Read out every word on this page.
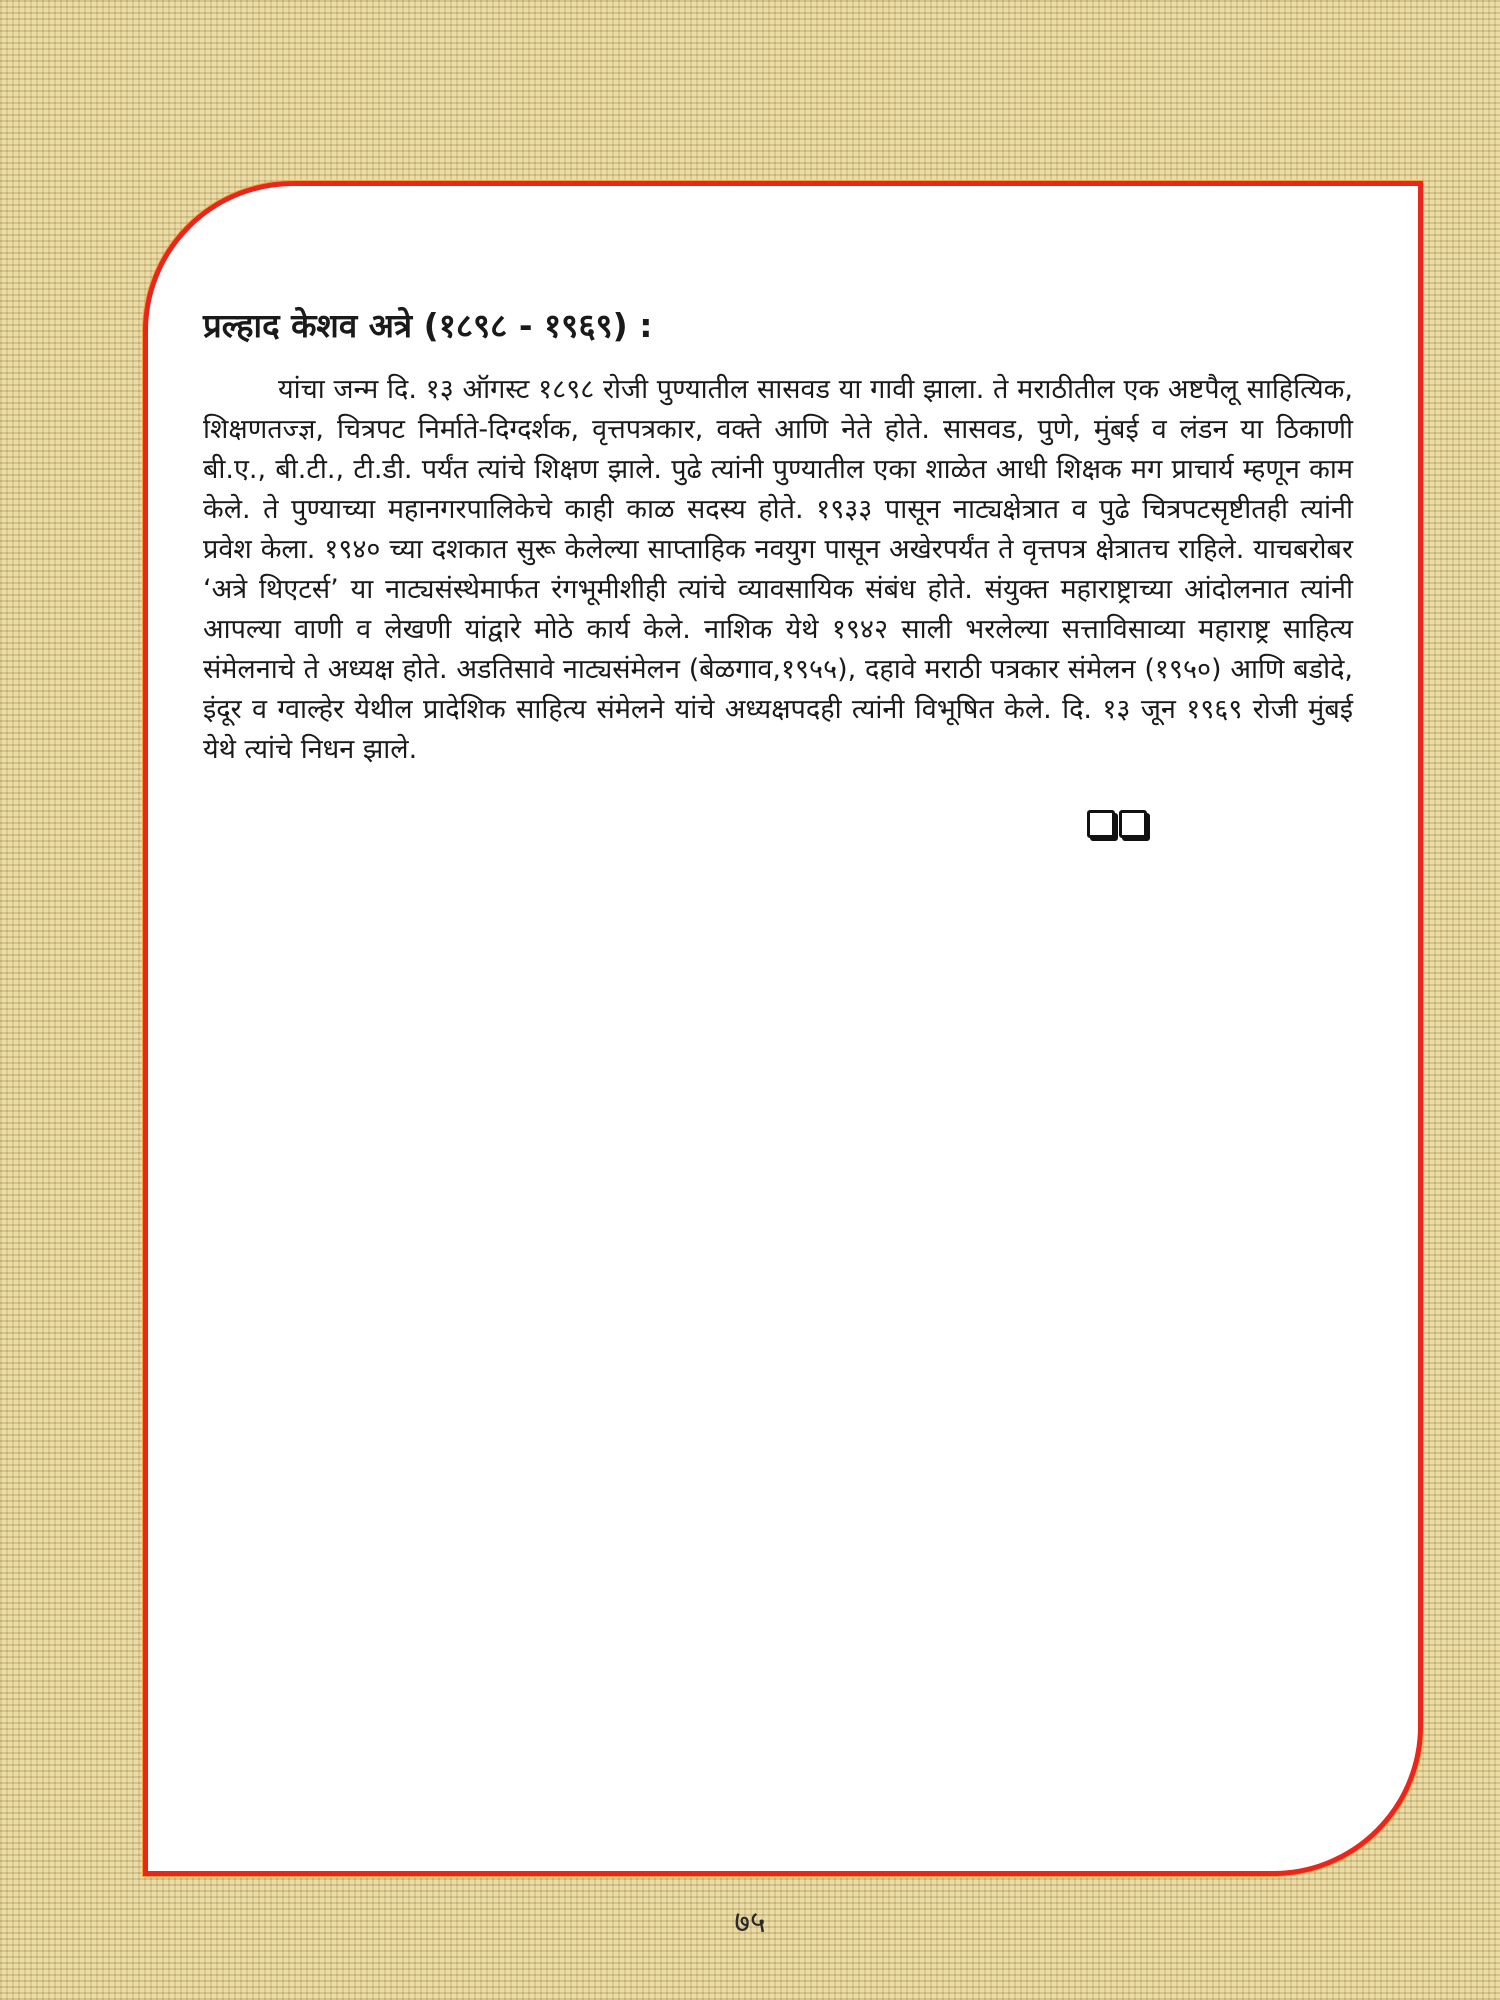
प्रल्हाद केशव अत्रे (१८९८ - १९६९) :

यांचा जन्म दि. १३ ऑगस्ट १८९८ रोजी पुण्यातील सासवड या गावी झाला. ते मराठीतील एक अष्टपैलू साहित्यिक, शिक्षणतज्ज्ञ, चित्रपट निर्माते-दिग्दर्शक, वृत्तपत्रकार, वक्ते आणि नेते होते. सासवड, पुणे, मुंबई व लंडन या ठिकाणी बी.ए., बी.टी., टी.डी. पर्यंत त्यांचे शिक्षण झाले. पुढे त्यांनी पुण्यातील एका शाळेत आधी शिक्षक मग प्राचार्य म्हणून काम केले. ते पुण्याच्या महानगरपालिकेचे काही काळ सदस्य होते. १९३३ पासून नाट्यक्षेत्रात व पुढे चित्रपटसृष्टीतही त्यांनी प्रवेश केला. १९४० च्या दशकात सुरू केलेल्या साप्ताहिक नवयुग पासून अखेरपर्यंत ते वृत्तपत्र क्षेत्रातच राहिले. याचबरोबर ‘अत्रे थिएटर्स’ या नाट्यसंस्थेमार्फत रंगभूमीशीही त्यांचे व्यावसायिक संबंध होते. संयुक्त महाराष्ट्राच्या आंदोलनात त्यांनी आपल्या वाणी व लेखणी यांद्वारे मोठे कार्य केले. नाशिक येथे १९४२ साली भरलेल्या सत्ताविसाव्या महाराष्ट्र साहित्य संमेलनाचे ते अध्यक्ष होते. अडतिसावे नाट्यसंमेलन (बेळगाव,१९५५), दहावे मराठी पत्रकार संमेलन (१९५०) आणि बडोदे, इंदूर व ग्वाल्हेर येथील प्रादेशिक साहित्य संमेलने यांचे अध्यक्षपदही त्यांनी विभूषित केले. दि. १३ जून १९६९ रोजी मुंबई येथे त्यांचे निधन झाले.

७५
